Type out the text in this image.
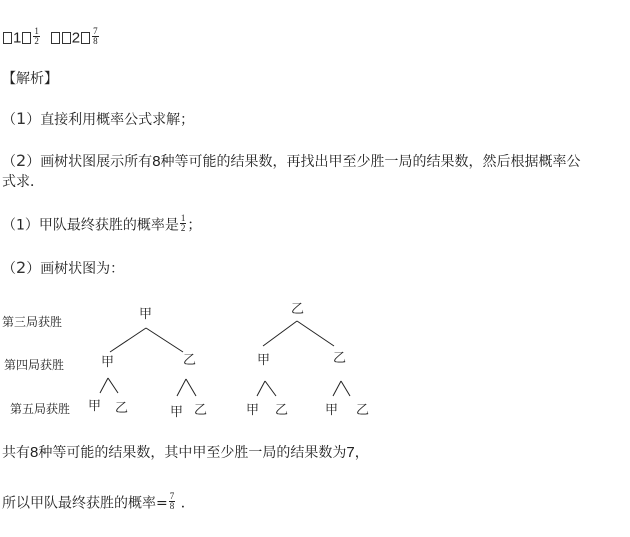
$1 \frac{1}{2} 2 \frac{7}{8}$
【解析】
（1）直接利用概率公式求解；
（2）画树状图展示所有8种等可能的结果数，再找出甲至少胜一局的结果数，然后根据概率公
式求．
（1）甲队最终获胜的概率是 $\frac{1}{2}$ ；
（2）画树状图为：
第三局获胜
第四局获胜
第五局获胜
甲	乙
甲	乙	甲	乙
甲 乙	甲 乙	甲 乙	甲 乙
共有8种等可能的结果数，其中甲至少胜一局的结果数为7，
所以甲队最终获胜的概率= $\frac{7}{8}$ ．
